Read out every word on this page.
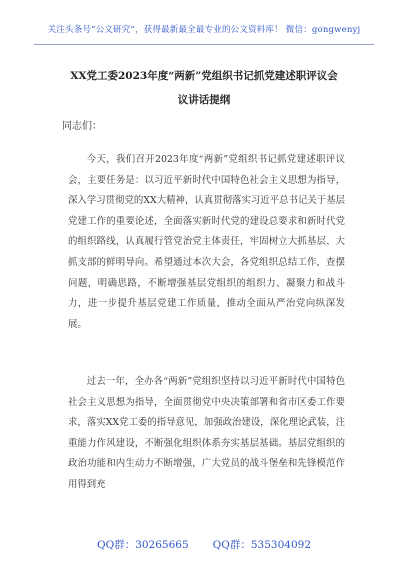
关注头条号“公文研究”，获得最新最全最专业的公文资料库！ 微信：gongwenyj
XX党工委2023年度“两新”党组织书记抓党建述职评议会
议讲话提纲
同志们：

今天，我们召开2023年度“两新”党组织书记抓党建述职评议会，主要任务是：以习近平新时代中国特色社会主义思想为指导，深入学习贯彻党的XX大精神，认真贯彻落实习近平总书记关于基层党建工作的重要论述，全面落实新时代党的建设总要求和新时代党的组织路线，认真履行管党治党主体责任，牢固树立大抓基层、大抓支部的鲜明导向。希望通过本次大会，各党组织总结工作，查摆问题，明确思路，不断增强基层党组织的组织力、凝聚力和战斗力，进一步提升基层党建工作质量，推动全面从严治党向纵深发展。

过去一年，全办各“两新”党组织坚持以习近平新时代中国特色社会主义思想为指导，全面贯彻党中央决策部署和省市区委工作要求，落实XX党工委的指导意见，加强政治建设，深化理论武装，注重能力作风建设，不断强化组织体系夯实基层基础。基层党组织的政治功能和内生动力不断增强，广大党员的战斗堡垒和先锋模范作用得到充

QQ群：30265665 QQ群：535304092
